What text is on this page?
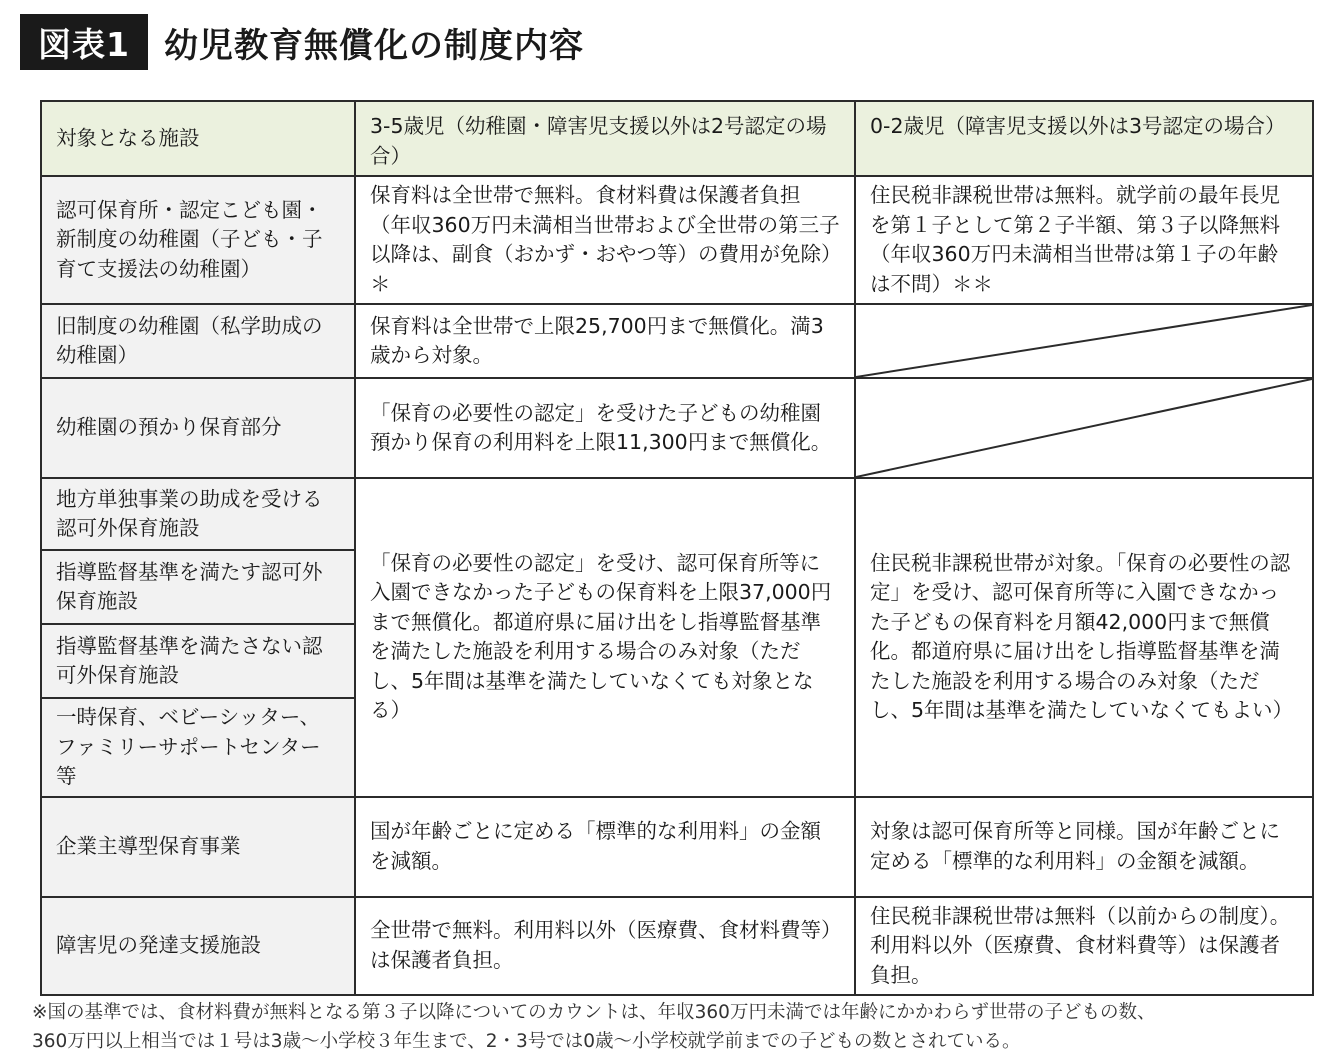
図表1	幼児教育無償化の制度内容
対象となる施設	3-5歳児（幼稚園・障害児支援以外は2号認定の場合）	0-2歳児（障害児支援以外は3号認定の場合）
認可保育所・認定こども園・新制度の幼稚園（子ども・子育て支援法の幼稚園）	保育料は全世帯で無料。食材料費は保護者負担（年収360万円未満相当世帯および全世帯の第三子以降は、副食（おかず・おやつ等）の費用が免除）＊	住民税非課税世帯は無料。就学前の最年長児を第１子として第２子半額、第３子以降無料（年収360万円未満相当世帯は第１子の年齢は不問）＊＊
旧制度の幼稚園（私学助成の幼稚園）	保育料は全世帯で上限25,700円まで無償化。満3歳から対象。	

幼稚園の預かり保育部分	「保育の必要性の認定」を受けた子どもの幼稚園預かり保育の利用料を上限11,300円まで無償化。	

地方単独事業の助成を受ける認可外保育施設	「保育の必要性の認定」を受け、認可保育所等に入園できなかった子どもの保育料を上限37,000円まで無償化。都道府県に届け出をし指導監督基準を満たした施設を利用する場合のみ対象（ただし、5年間は基準を満たしていなくても対象となる）	住民税非課税世帯が対象。「保育の必要性の認定」を受け、認可保育所等に入園できなかった子どもの保育料を月額42,000円まで無償化。都道府県に届け出をし指導監督基準を満たした施設を利用する場合のみ対象（ただし、5年間は基準を満たしていなくてもよい）
指導監督基準を満たす認可外保育施設		
指導監督基準を満たさない認可外保育施設		
一時保育、ベビーシッター、ファミリーサポートセンター等		
企業主導型保育事業	国が年齢ごとに定める「標準的な利用料」の金額を減額。	対象は認可保育所等と同様。国が年齢ごとに定める「標準的な利用料」の金額を減額。
障害児の発達支援施設	全世帯で無料。利用料以外（医療費、食材料費等）は保護者負担。	住民税非課税世帯は無料（以前からの制度）。利用料以外（医療費、食材料費等）は保護者負担。
※国の基準では、食材料費が無料となる第３子以降についてのカウントは、年収360万円未満では年齢にかかわらず世帯の子どもの数、
360万円以上相当では１号は3歳～小学校３年生まで、2・3号では0歳～小学校就学前までの子どもの数とされている。
